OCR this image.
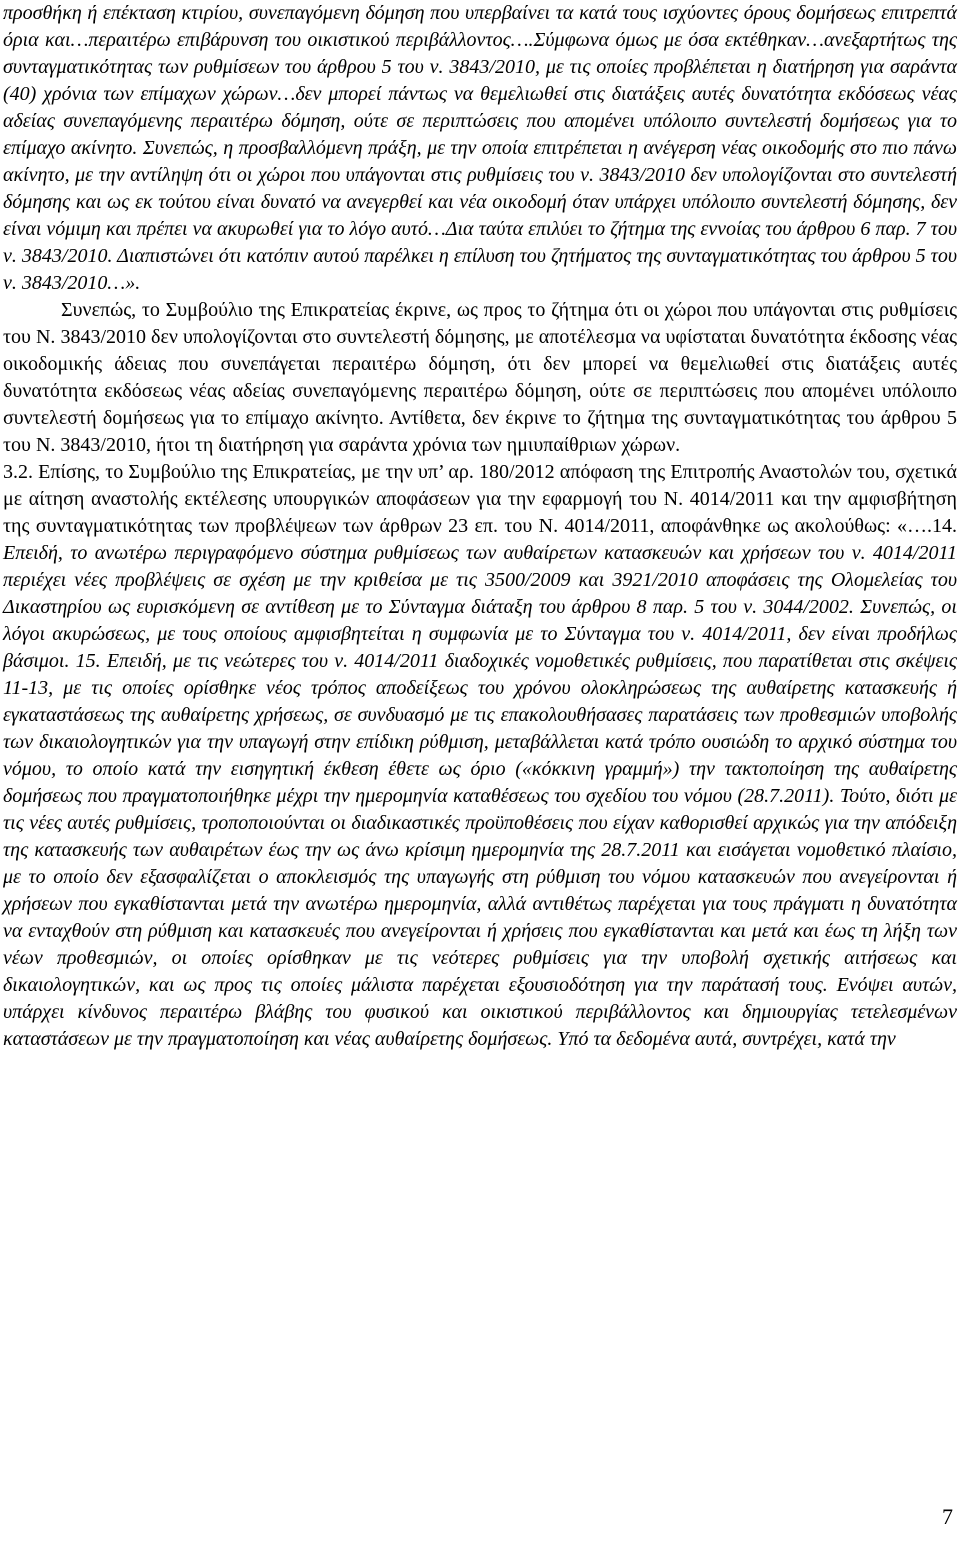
προσθήκη ή επέκταση κτιρίου, συνεπαγόμενη δόμηση που υπερβαίνει τα κατά τους ισχύοντες όρους δομήσεως επιτρεπτά όρια και…περαιτέρω επιβάρυνση του οικιστικού περιβάλλοντος….Σύμφωνα όμως με όσα εκτέθηκαν…ανεξαρτήτως της συνταγματικότητας των ρυθμίσεων του άρθρου 5 του ν. 3843/2010, με τις οποίες προβλέπεται η διατήρηση για σαράντα (40) χρόνια των επίμαχων χώρων…δεν μπορεί πάντως να θεμελιωθεί στις διατάξεις αυτές δυνατότητα εκδόσεως νέας αδείας συνεπαγόμενης περαιτέρω δόμηση, ούτε σε περιπτώσεις που απομένει υπόλοιπο συντελεστή δομήσεως για το επίμαχο ακίνητο. Συνεπώς, η προσβαλλόμενη πράξη, με την οποία επιτρέπεται η ανέγερση νέας οικοδομής στο πιο πάνω ακίνητο, με την αντίληψη ότι οι χώροι που υπάγονται στις ρυθμίσεις του ν. 3843/2010 δεν υπολογίζονται στο συντελεστή δόμησης και ως εκ τούτου είναι δυνατό να ανεγερθεί και νέα οικοδομή όταν υπάρχει υπόλοιπο συντελεστή δόμησης, δεν είναι νόμιμη και πρέπει να ακυρωθεί για το λόγο αυτό…Δια ταύτα επιλύει το ζήτημα της εννοίας του άρθρου 6 παρ. 7 του ν. 3843/2010. Διαπιστώνει ότι κατόπιν αυτού παρέλκει η επίλυση του ζητήματος της συνταγματικότητας του άρθρου 5 του ν. 3843/2010…».

Συνεπώς, το Συμβούλιο της Επικρατείας έκρινε, ως προς το ζήτημα ότι οι χώροι που υπάγονται στις ρυθμίσεις του Ν. 3843/2010 δεν υπολογίζονται στο συντελεστή δόμησης, με αποτέλεσμα να υφίσταται δυνατότητα έκδοσης νέας οικοδομικής άδειας που συνεπάγεται περαιτέρω δόμηση, ότι δεν μπορεί να θεμελιωθεί στις διατάξεις αυτές δυνατότητα εκδόσεως νέας αδείας συνεπαγόμενης περαιτέρω δόμηση, ούτε σε περιπτώσεις που απομένει υπόλοιπο συντελεστή δομήσεως για το επίμαχο ακίνητο. Αντίθετα, δεν έκρινε το ζήτημα της συνταγματικότητας του άρθρου 5 του Ν. 3843/2010, ήτοι τη διατήρηση για σαράντα χρόνια των ημιυπαίθριων χώρων.

3.2. Επίσης, το Συμβούλιο της Επικρατείας, με την υπ’ αρ. 180/2012 απόφαση της Επιτροπής Αναστολών του, σχετικά με αίτηση αναστολής εκτέλεσης υπουργικών αποφάσεων για την εφαρμογή του Ν. 4014/2011 και την αμφισβήτηση της συνταγματικότητας των προβλέψεων των άρθρων 23 επ. του Ν. 4014/2011, αποφάνθηκε ως ακολούθως: «….14. Επειδή, το ανωτέρω περιγραφόμενο σύστημα ρυθμίσεως των αυθαίρετων κατασκευών και χρήσεων του ν. 4014/2011 περιέχει νέες προβλέψεις σε σχέση με την κριθείσα με τις 3500/2009 και 3921/2010 αποφάσεις της Ολομελείας του Δικαστηρίου ως ευρισκόμενη σε αντίθεση με το Σύνταγμα διάταξη του άρθρου 8 παρ. 5 του ν. 3044/2002. Συνεπώς, οι λόγοι ακυρώσεως, με τους οποίους αμφισβητείται η συμφωνία με το Σύνταγμα του ν. 4014/2011, δεν είναι προδήλως βάσιμοι. 15. Επειδή, με τις νεώτερες του ν. 4014/2011 διαδοχικές νομοθετικές ρυθμίσεις, που παρατίθεται στις σκέψεις 11-13, με τις οποίες ορίσθηκε νέος τρόπος αποδείξεως του χρόνου ολοκληρώσεως της αυθαίρετης κατασκευής ή εγκαταστάσεως της αυθαίρετης χρήσεως, σε συνδυασμό με τις επακολουθήσασες παρατάσεις των προθεσμιών υποβολής των δικαιολογητικών για την υπαγωγή στην επίδικη ρύθμιση, μεταβάλλεται κατά τρόπο ουσιώδη το αρχικό σύστημα του νόμου, το οποίο κατά την εισηγητική έκθεση έθετε ως όριο («κόκκινη γραμμή») την τακτοποίηση της αυθαίρετης δομήσεως που πραγματοποιήθηκε μέχρι την ημερομηνία καταθέσεως του σχεδίου του νόμου (28.7.2011). Τούτο, διότι με τις νέες αυτές ρυθμίσεις, τροποποιούνται οι διαδικαστικές προϋποθέσεις που είχαν καθορισθεί αρχικώς για την απόδειξη της κατασκευής των αυθαιρέτων έως την ως άνω κρίσιμη ημερομηνία της 28.7.2011 και εισάγεται νομοθετικό πλαίσιο, με το οποίο δεν εξασφαλίζεται ο αποκλεισμός της υπαγωγής στη ρύθμιση του νόμου κατασκευών που ανεγείρονται ή χρήσεων που εγκαθίστανται μετά την ανωτέρω ημερομηνία, αλλά αντιθέτως παρέχεται για τους πράγματι η δυνατότητα να ενταχθούν στη ρύθμιση και κατασκευές που ανεγείρονται ή χρήσεις που εγκαθίστανται και μετά και έως τη λήξη των νέων προθεσμιών, οι οποίες ορίσθηκαν με τις νεότερες ρυθμίσεις για την υποβολή σχετικής αιτήσεως και δικαιολογητικών, και ως προς τις οποίες μάλιστα παρέχεται εξουσιοδότηση για την παράτασή τους. Ενόψει αυτών, υπάρχει κίνδυνος περαιτέρω βλάβης του φυσικού και οικιστικού περιβάλλοντος και δημιουργίας τετελεσμένων καταστάσεων με την πραγματοποίηση και νέας αυθαίρετης δομήσεως. Υπό τα δεδομένα αυτά, συντρέχει, κατά την

7
